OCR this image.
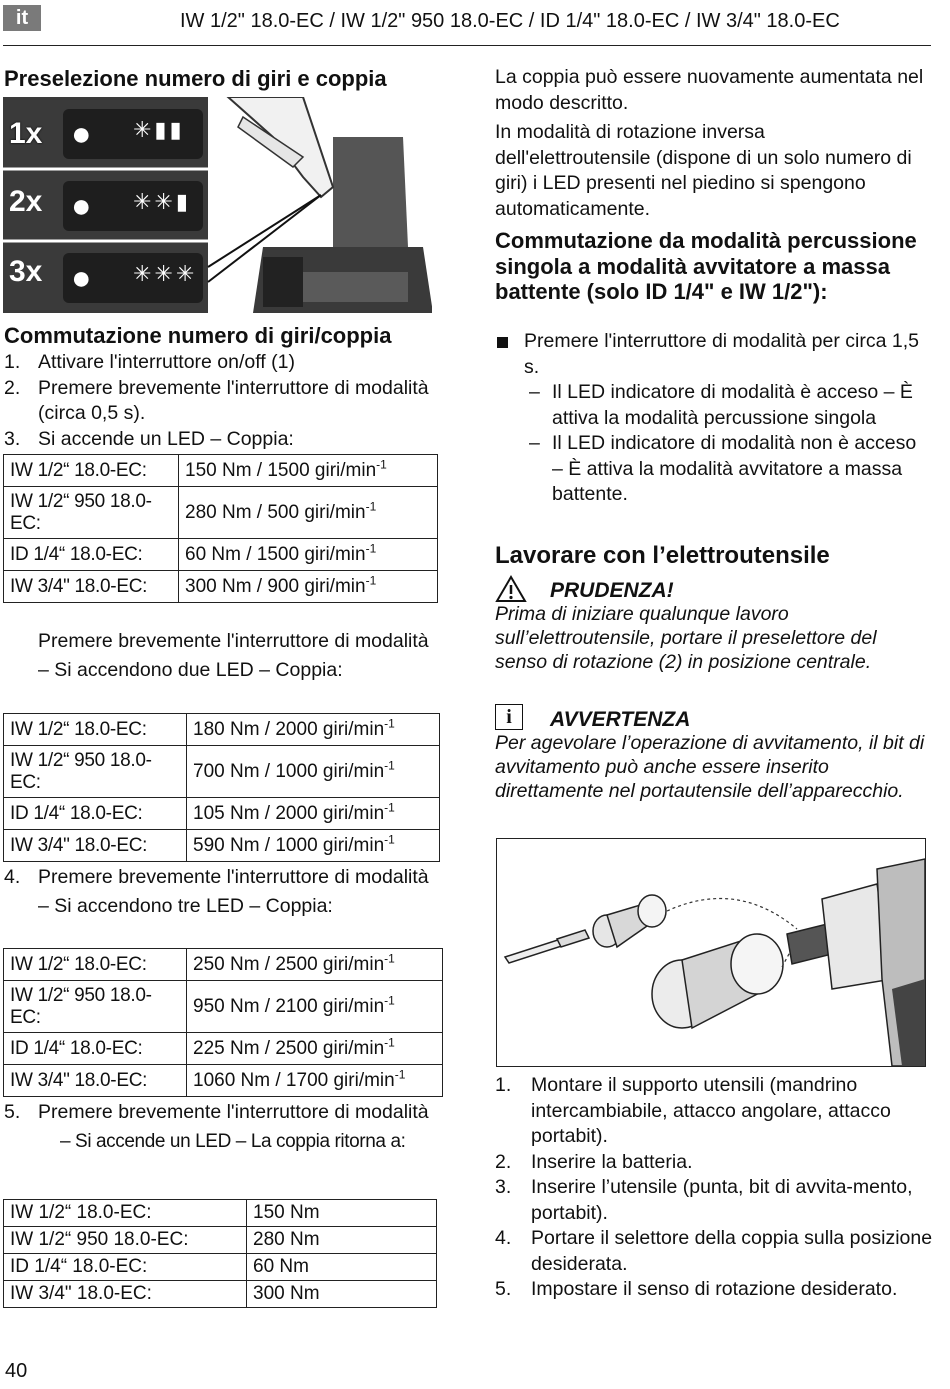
it	IW 1/2" 18.0-EC / IW 1/2" 950 18.0-EC / ID 1/4" 18.0-EC / IW 3/4" 18.0-EC
Preselezione numero di giri e coppia
1x
2x
3x
● ✳▮▮
● ✳✳▮
● ✳✳✳
Commutazione numero di giri/coppia
1. Attivare l'interruttore on/off (1)
2. Premere brevemente l'interruttore di modalità (circa 0,5 s).
3. Si accende un LED – Coppia:
IW 1/2“ 18.0-EC:	150 Nm / 1500 giri/$\min^{-1}$
IW 1/2“ 950 18.0-EC:	280 Nm / 500 giri/$\min^{-1}$
ID 1/4“ 18.0-EC:	60 Nm / 1500 giri/$\min^{-1}$
IW 3/4" 18.0-EC:	300 Nm / 900 giri/$\min^{-1}$
Premere brevemente l'interruttore di modalità
– Si accendono due LED – Coppia:
IW 1/2“ 18.0-EC:	180 Nm / 2000 giri/$\min^{-1}$
IW 1/2“ 950 18.0-EC:	700 Nm / 1000 giri/$\min^{-1}$
ID 1/4“ 18.0-EC:	105 Nm / 2000 giri/$\min^{-1}$
IW 3/4" 18.0-EC:	590 Nm / 1000 giri/$\min^{-1}$
4. Premere brevemente l'interruttore di modalità
– Si accendono tre LED – Coppia:
IW 1/2“ 18.0-EC:	250 Nm / 2500 giri/$\min^{-1}$
IW 1/2“ 950 18.0-EC:	950 Nm / 2100 giri/$\min^{-1}$
ID 1/4“ 18.0-EC:	225 Nm / 2500 giri/$\min^{-1}$
IW 3/4" 18.0-EC:	1060 Nm / 1700 giri/$\min^{-1}$
5. Premere brevemente l'interruttore di modalità
– Si accende un LED – La coppia ritorna a:
IW 1/2“ 18.0-EC:	150 Nm
IW 1/2“ 950 18.0-EC:	280 Nm
ID 1/4“ 18.0-EC:	60 Nm
IW 3/4" 18.0-EC:	300 Nm
La coppia può essere nuovamente aumentata nel modo descritto.
In modalità di rotazione inversa dell'elettroutensile (dispone di un solo numero di giri) i LED presenti nel piedino si spengono automaticamente.
Commutazione da modalità percussione singola a modalità avvitatore a massa battente (solo ID 1/4" e IW 1/2"):
Premere l'interruttore di modalità per circa 1,5 s.
– Il LED indicatore di modalità è acceso – È attiva la modalità percussione singola
– Il LED indicatore di modalità non è acceso – È attiva la modalità avvitatore a massa battente.
Lavorare con l’elettroutensile
PRUDENZA!
Prima di iniziare qualunque lavoro sull’elettroutensile, portare il preselettore del senso di rotazione (2) in posizione centrale.
i	AVVERTENZA
Per agevolare l’operazione di avvitamento, il bit di avvitamento può anche essere inserito direttamente nel portautensile dell’apparecchio.
1. Montare il supporto utensili (mandrino intercambiabile, attacco angolare, attacco portabit).
2. Inserire la batteria.
3. Inserire l’utensile (punta, bit di avvita-mento, portabit).
4. Portare il selettore della coppia sulla posizione desiderata.
5. Impostare il senso di rotazione desiderato.
40
